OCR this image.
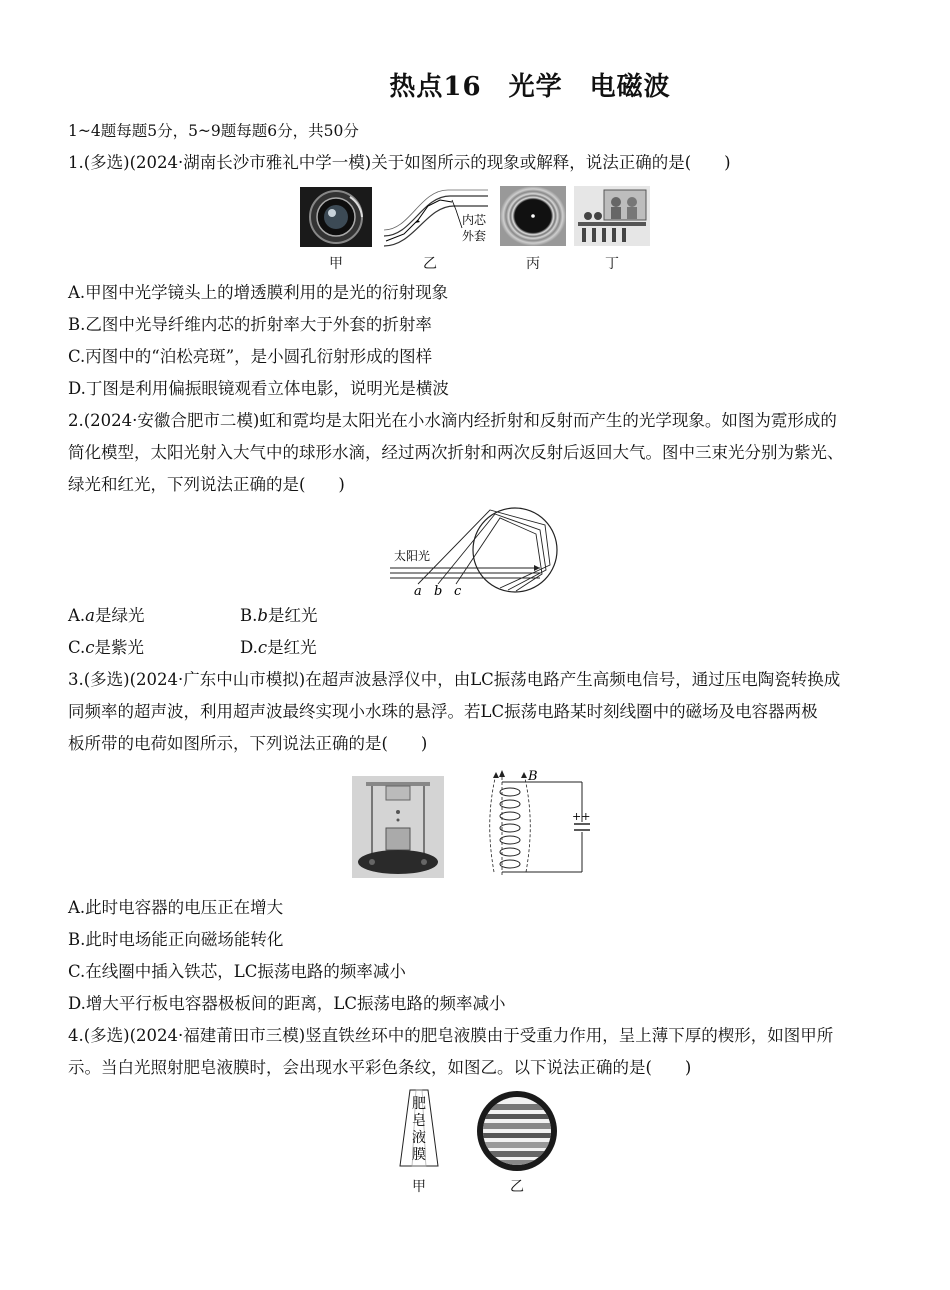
热点16　光学　电磁波
1~4题每题5分，5~9题每题6分，共50分
1.(多选)(2024·湖南长沙市雅礼中学一模)关于如图所示的现象或解释，说法正确的是(　　)
甲
内芯
外套
乙	丙	丁
A.甲图中光学镜头上的增透膜利用的是光的衍射现象
B.乙图中光导纤维内芯的折射率大于外套的折射率
C.丙图中的“泊松亮斑”，是小圆孔衍射形成的图样
D.丁图是利用偏振眼镜观看立体电影，说明光是横波
2.(2024·安徽合肥市二模)虹和霓均是太阳光在小水滴内经折射和反射而产生的光学现象。如图为霓形成的
简化模型，太阳光射入大气中的球形水滴，经过两次折射和两次反射后返回大气。图中三束光分别为紫光、
绿光和红光，下列说法正确的是(　　)
太阳光
a b c
A.a是绿光	B.b是红光
C.c是紫光	D.c是红光
3.(多选)(2024·广东中山市模拟)在超声波悬浮仪中，由LC振荡电路产生高频电信号，通过压电陶瓷转换成
同频率的超声波，利用超声波最终实现小水珠的悬浮。若LC振荡电路某时刻线圈中的磁场及电容器两极
板所带的电荷如图所示，下列说法正确的是(　　)
B
++
A.此时电容器的电压正在增大
B.此时电场能正向磁场能转化
C.在线圈中插入铁芯，LC振荡电路的频率减小
D.增大平行板电容器极板间的距离，LC振荡电路的频率减小
4.(多选)(2024·福建莆田市三模)竖直铁丝环中的肥皂液膜由于受重力作用，呈上薄下厚的楔形，如图甲所
示。当白光照射肥皂液膜时，会出现水平彩色条纹，如图乙。以下说法正确的是(　　)
肥
皂
液
膜
甲	乙
